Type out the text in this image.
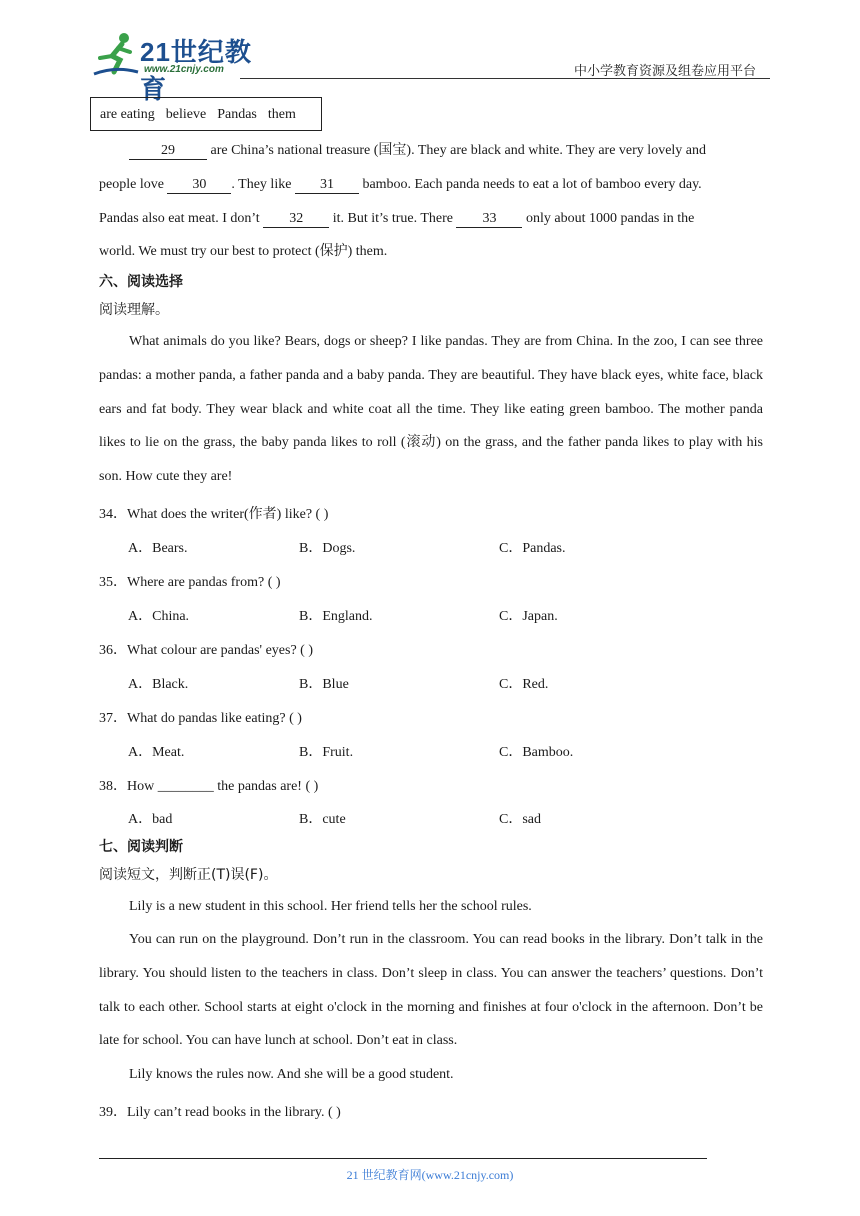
21世纪教育
www.21cnjy.com	中小学教育资源及组卷应用平台
are eating believe Pandas them
29 are China’s national treasure (国宝). They are black and white. They are very lovely and
people love 30 . They like 31 bamboo. Each panda needs to eat a lot of bamboo every day.
Pandas also eat meat. I don’t 32 it. But it’s true. There 33 only about 1000 pandas in the
world. We must try our best to protect (保护) them.
六、阅读选择
阅读理解。
What animals do you like? Bears, dogs or sheep? I like pandas. They are from China. In the zoo, I can see three pandas: a mother panda, a father panda and a baby panda. They are beautiful. They have black eyes, white face, black ears and fat body. They wear black and white coat all the time. They like eating green bamboo. The mother panda likes to lie on the grass, the baby panda likes to roll (滚动) on the grass, and the father panda likes to play with his son. How cute they are!
34．What does the writer(作者) like? ( )
A．Bears.	B．Dogs.	C．Pandas.
35．Where are pandas from? ( )
A．China.	B．England.	C．Japan.
36．What colour are pandas' eyes? ( )
A．Black.	B．Blue	C．Red.
37．What do pandas like eating? ( )
A．Meat.	B．Fruit.	C．Bamboo.
38．How ________ the pandas are! ( )
A．bad	B．cute	C．sad
七、阅读判断
阅读短文，判断正(T)误(F)。
Lily is a new student in this school. Her friend tells her the school rules.
You can run on the playground. Don’t run in the classroom. You can read books in the library. Don’t talk in the library. You should listen to the teachers in class. Don’t sleep in class. You can answer the teachers’ questions. Don’t talk to each other. School starts at eight o'clock in the morning and finishes at four o'clock in the afternoon. Don’t be late for school. You can have lunch at school. Don’t eat in class.
Lily knows the rules now. And she will be a good student.
39．Lily can’t read books in the library. ( )
21 世纪教育网(www.21cnjy.com)
